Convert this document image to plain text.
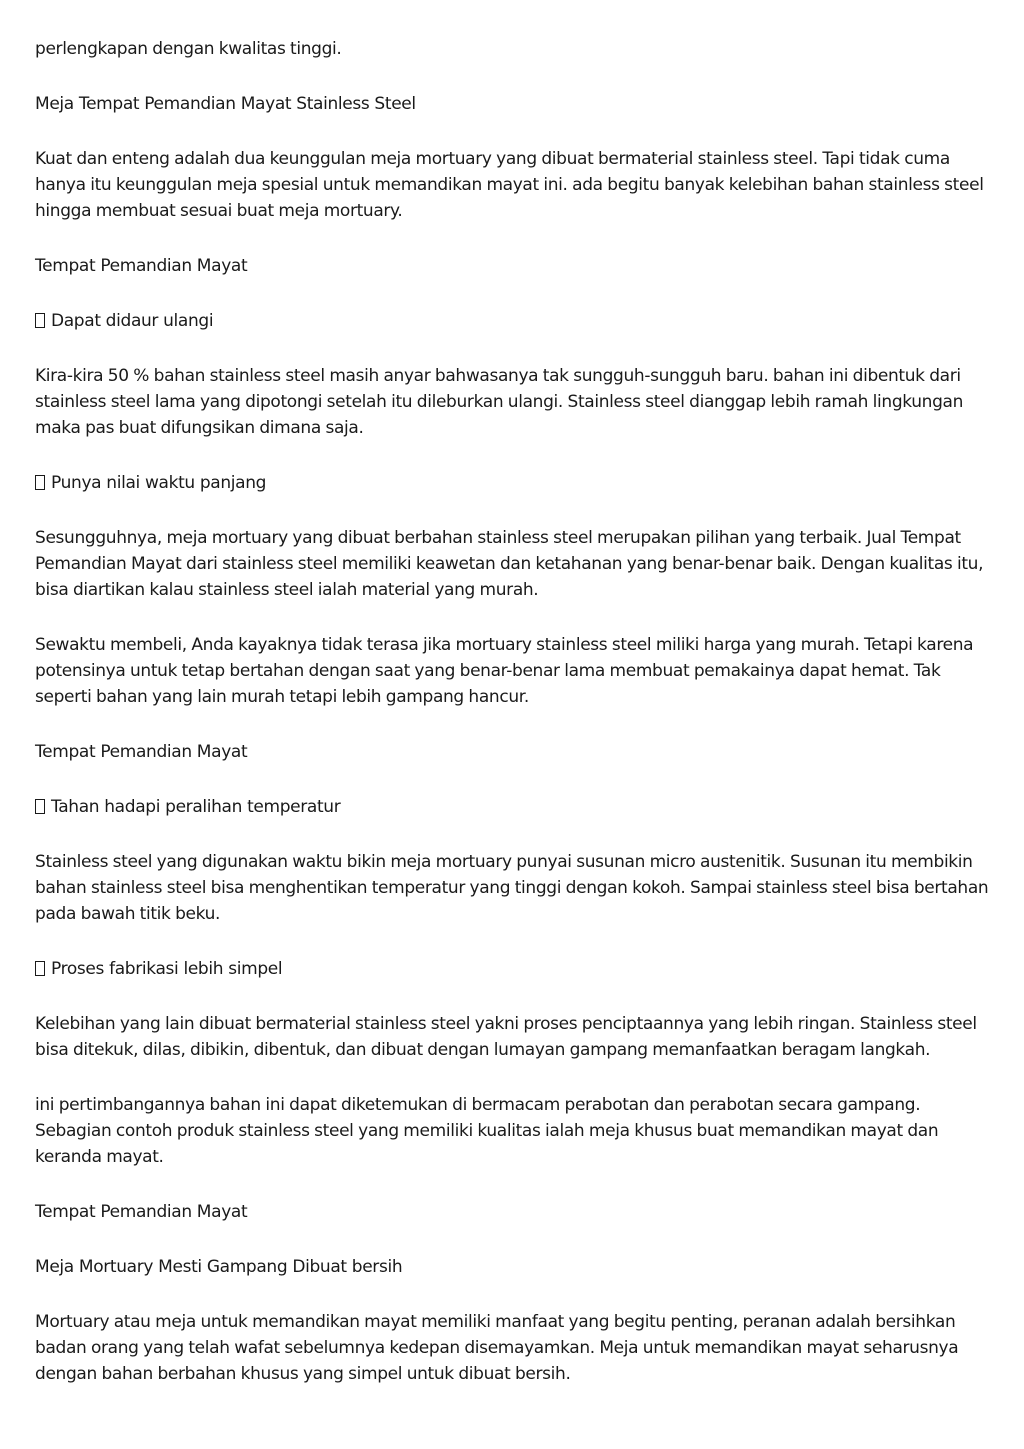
perlengkapan dengan kwalitas tinggi.

Meja Tempat Pemandian Mayat Stainless Steel

Kuat dan enteng adalah dua keunggulan meja mortuary yang dibuat bermaterial stainless steel. Tapi tidak cuma hanya itu keunggulan meja spesial untuk memandikan mayat ini. ada begitu banyak kelebihan bahan stainless steel hingga membuat sesuai buat meja mortuary.

Tempat Pemandian Mayat

Dapat didaur ulangi

Kira-kira 50 % bahan stainless steel masih anyar bahwasanya tak sungguh-sungguh baru. bahan ini dibentuk dari stainless steel lama yang dipotongi setelah itu dileburkan ulangi. Stainless steel dianggap lebih ramah lingkungan maka pas buat difungsikan dimana saja.

Punya nilai waktu panjang

Sesungguhnya, meja mortuary yang dibuat berbahan stainless steel merupakan pilihan yang terbaik. Jual Tempat Pemandian Mayat dari stainless steel memiliki keawetan dan ketahanan yang benar-benar baik. Dengan kualitas itu, bisa diartikan kalau stainless steel ialah material yang murah.

Sewaktu membeli, Anda kayaknya tidak terasa jika mortuary stainless steel miliki harga yang murah. Tetapi karena potensinya untuk tetap bertahan dengan saat yang benar-benar lama membuat pemakainya dapat hemat. Tak seperti bahan yang lain murah tetapi lebih gampang hancur.

Tempat Pemandian Mayat

Tahan hadapi peralihan temperatur

Stainless steel yang digunakan waktu bikin meja mortuary punyai susunan micro austenitik. Susunan itu membikin bahan stainless steel bisa menghentikan temperatur yang tinggi dengan kokoh. Sampai stainless steel bisa bertahan pada bawah titik beku.

Proses fabrikasi lebih simpel

Kelebihan yang lain dibuat bermaterial stainless steel yakni proses penciptaannya yang lebih ringan. Stainless steel bisa ditekuk, dilas, dibikin, dibentuk, dan dibuat dengan lumayan gampang memanfaatkan beragam langkah.

ini pertimbangannya bahan ini dapat diketemukan di bermacam perabotan dan perabotan secara gampang. Sebagian contoh produk stainless steel yang memiliki kualitas ialah meja khusus buat memandikan mayat dan keranda mayat.

Tempat Pemandian Mayat

Meja Mortuary Mesti Gampang Dibuat bersih

Mortuary atau meja untuk memandikan mayat memiliki manfaat yang begitu penting, peranan adalah bersihkan badan orang yang telah wafat sebelumnya kedepan disemayamkan. Meja untuk memandikan mayat seharusnya dengan bahan berbahan khusus yang simpel untuk dibuat bersih.
